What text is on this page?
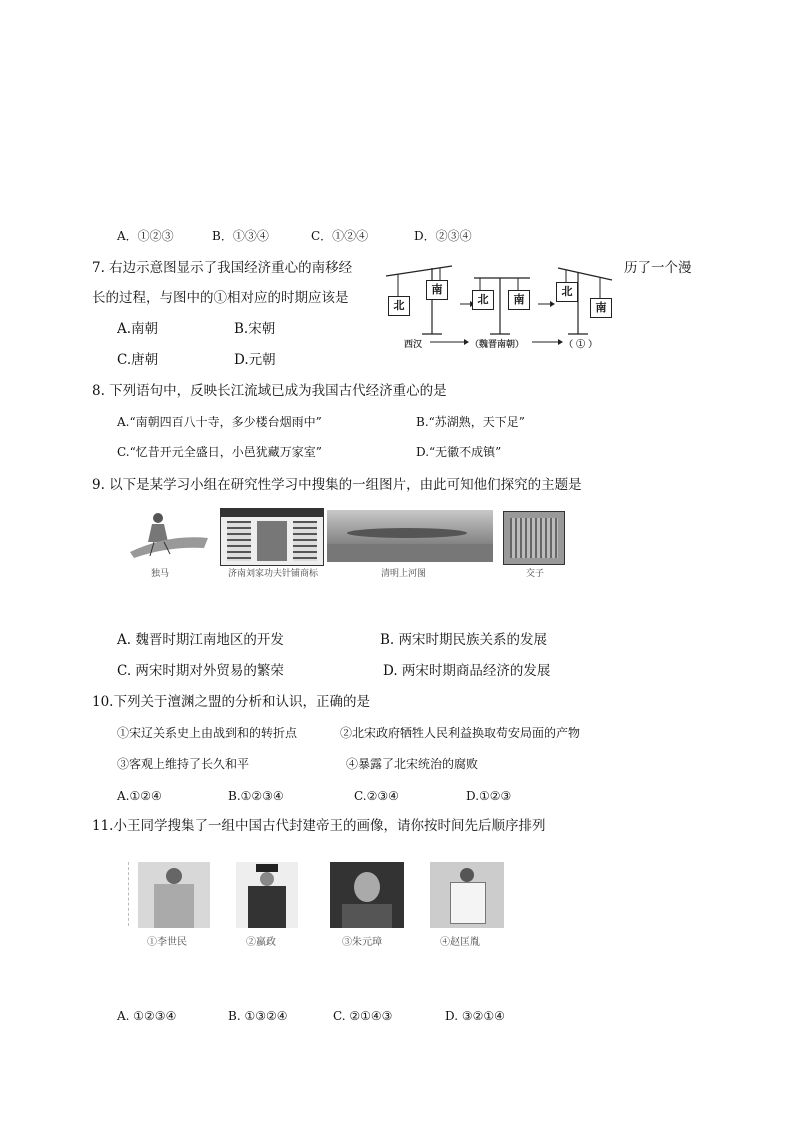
A．①②③	B．①③④	C．①②④	D．②③④
7. 右边示意图显示了我国经济重心的南移经	历了一个漫
长的过程，与图中的①相对应的时期应该是
A.南朝	B.宋朝
C.唐朝	D.元朝
北
南
北	南
北
南
西汉	（魏晋南朝）	（ ① ）
8. 下列语句中，反映长江流域已成为我国古代经济重心的是
A.“南朝四百八十寺，多少楼台烟雨中”	B.“苏湖熟，天下足”
C.“忆昔开元全盛日，小邑犹藏万家室”	D.“无徽不成镇”
9. 以下是某学习小组在研究性学习中搜集的一组图片，由此可知他们探究的主题是
独马	济南刘家功夫针铺商标	清明上河图	交子
A. 魏晋时期江南地区的开发	B. 两宋时期民族关系的发展
C. 两宋时期对外贸易的繁荣	D. 两宋时期商品经济的发展
10.下列关于澶渊之盟的分析和认识，正确的是
①宋辽关系史上由战到和的转折点	②北宋政府牺牲人民利益换取苟安局面的产物
③客观上维持了长久和平	④暴露了北宋统治的腐败
A.①②④	B.①②③④	C.②③④	D.①②③
11.小王同学搜集了一组中国古代封建帝王的画像，请你按时间先后顺序排列
①李世民	②嬴政	③朱元璋	④赵匡胤
A. ①②③④	B. ①③②④	C. ②①④③	D. ③②①④
